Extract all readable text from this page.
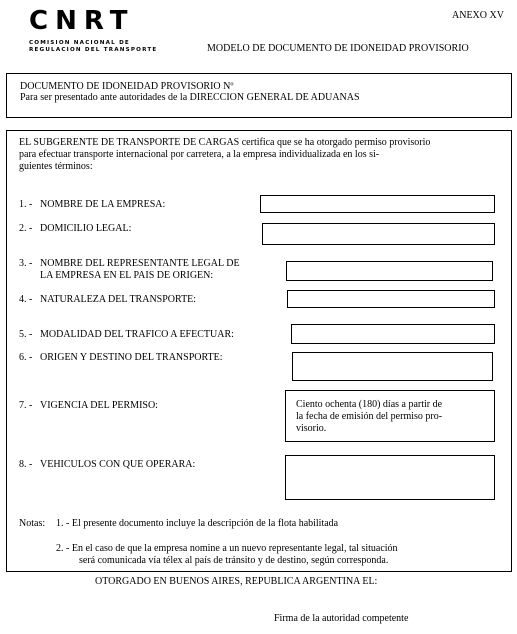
CNRT
COMISION NACIONAL DE
REGULACION DEL TRANSPORTE
ANEXO XV
MODELO DE DOCUMENTO DE IDONEIDAD PROVISORIO
DOCUMENTO DE IDONEIDAD PROVISORIO Nº
Para ser presentado ante autoridades de la DIRECCION GENERAL DE ADUANAS
EL SUBGERENTE DE TRANSPORTE DE CARGAS certifica que se ha otorgado permiso provisorio
para efectuar transporte internacional por carretera, a la empresa individualizada en los si-
guientes términos:
1. - NOMBRE DE LA EMPRESA:
2. - DOMICILIO LEGAL:
3. - NOMBRE DEL REPRESENTANTE LEGAL DE
LA EMPRESA EN EL PAIS DE ORIGEN:
4. - NATURALEZA DEL TRANSPORTE:
5. - MODALIDAD DEL TRAFICO A EFECTUAR:
6. - ORIGEN Y DESTINO DEL TRANSPORTE:
7. - VIGENCIA DEL PERMISO:	Ciento ochenta (180) días a partir de
la fecha de emisión del permiso pro-
visorio.
8. - VEHICULOS CON QUE OPERARA:
Notas: 1. - El presente documento incluye la descripción de la flota habilitada
2. - En el caso de que la empresa nomine a un nuevo representante legal, tal situación
será comunicada vía télex al país de tránsito y de destino, según corresponda.
OTORGADO EN BUENOS AIRES, REPUBLICA ARGENTINA EL:
Firma de la autoridad competente
